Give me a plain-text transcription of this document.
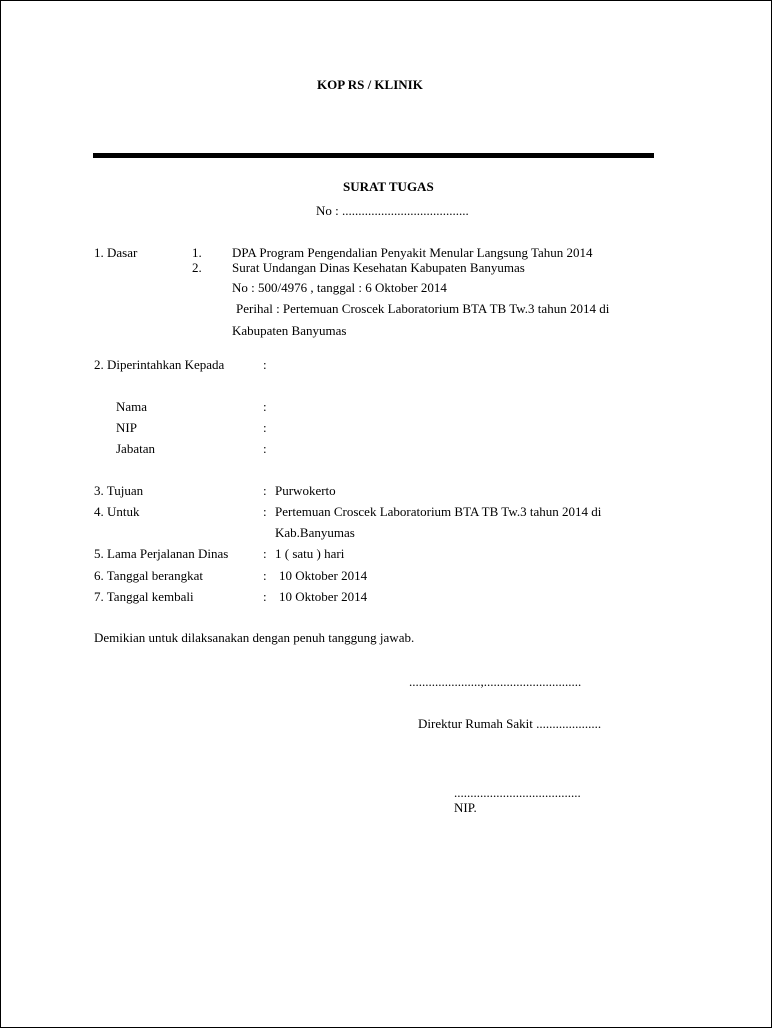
KOP RS / KLINIK
SURAT TUGAS
No : .......................................
1. Dasar	1. DPA Program Pengendalian Penyakit Menular Langsung Tahun 2014
2. Surat Undangan Dinas Kesehatan Kabupaten Banyumas
No : 500/4976 , tanggal : 6 Oktober 2014
Perihal : Pertemuan Croscek Laboratorium BTA TB Tw.3 tahun 2014 di
Kabupaten Banyumas
2. Diperintahkan Kepada	:
Nama	:
NIP	:
Jabatan	:
3. Tujuan	: Purwokerto
4. Untuk	: Pertemuan Croscek Laboratorium BTA TB Tw.3 tahun 2014 di
Kab.Banyumas
5. Lama Perjalanan Dinas	: 1 ( satu ) hari
6. Tanggal berangkat	: 10 Oktober 2014
7. Tanggal kembali	: 10 Oktober 2014
Demikian untuk dilaksanakan dengan penuh tanggung jawab.
......................,..............................
Direktur Rumah Sakit ....................
.......................................
NIP.
